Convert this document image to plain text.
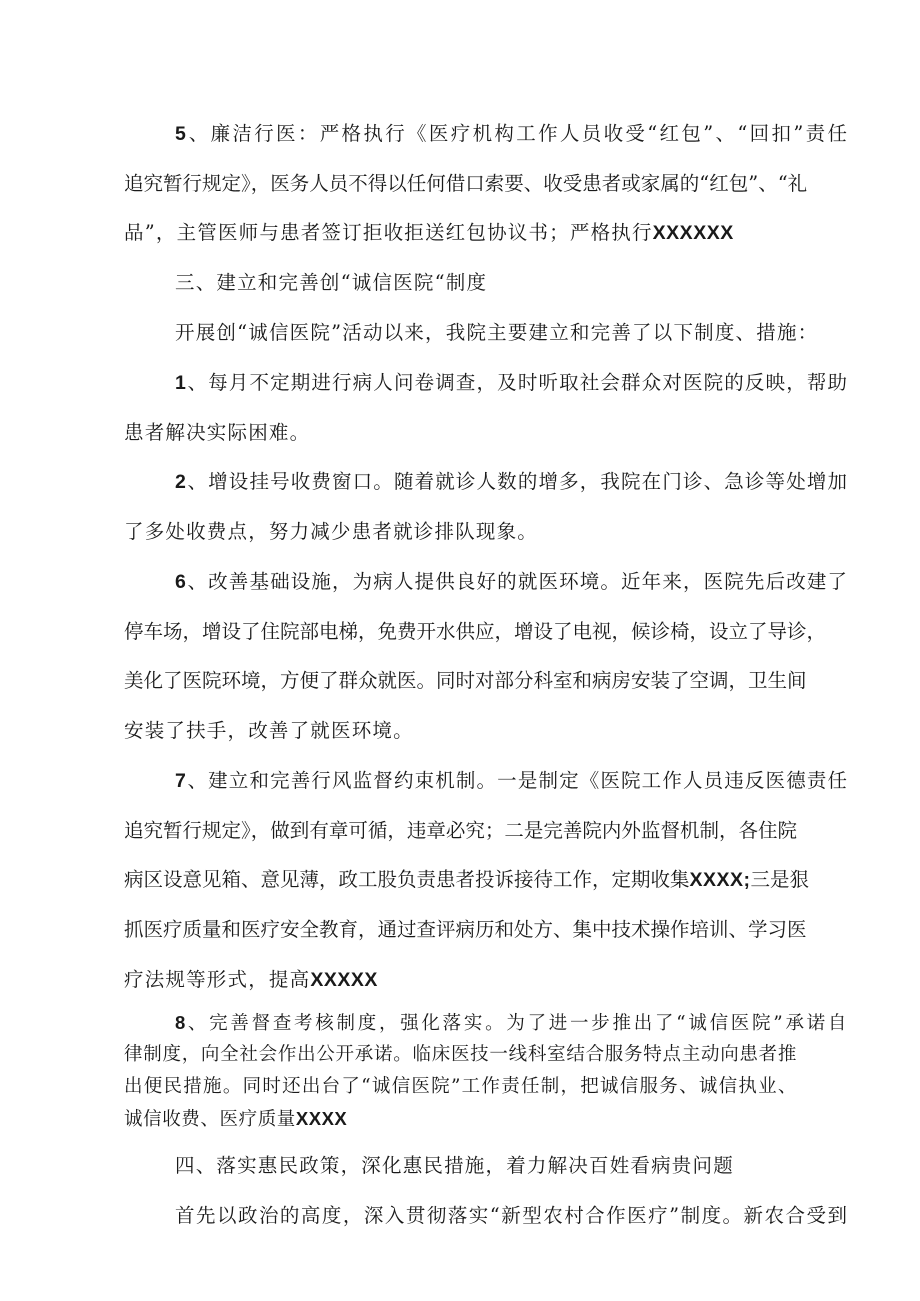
5、廉洁行医：严格执行《医疗机构工作人员收受“红包”、“回扣”责任
追究暂行规定》，医务人员不得以任何借口索要、收受患者或家属的“红包”、“礼
品”，主管医师与患者签订拒收拒送红包协议书；严格执行XXXXXX
三、建立和完善创“诚信医院“制度
开展创“诚信医院”活动以来，我院主要建立和完善了以下制度、措施：
1、每月不定期进行病人问卷调查，及时听取社会群众对医院的反映，帮助
患者解决实际困难。
2、增设挂号收费窗口。随着就诊人数的增多，我院在门诊、急诊等处增加
了多处收费点，努力减少患者就诊排队现象。
6、改善基础设施，为病人提供良好的就医环境。近年来，医院先后改建了
停车场，增设了住院部电梯，免费开水供应，增设了电视，候诊椅，设立了导诊，
美化了医院环境，方便了群众就医。同时对部分科室和病房安装了空调，卫生间
安装了扶手，改善了就医环境。
7、建立和完善行风监督约束机制。一是制定《医院工作人员违反医德责任
追究暂行规定》，做到有章可循，违章必究；二是完善院内外监督机制，各住院
病区设意见箱、意见薄，政工股负责患者投诉接待工作，定期收集XXXX;三是狠
抓医疗质量和医疗安全教育，通过查评病历和处方、集中技术操作培训、学习医
疗法规等形式，提高XXXXX
8、完善督查考核制度，强化落实。为了进一步推出了“诚信医院”承诺自
律制度，向全社会作出公开承诺。临床医技一线科室结合服务特点主动向患者推
出便民措施。同时还出台了“诚信医院”工作责任制，把诚信服务、诚信执业、
诚信收费、医疗质量XXXX
四、落实惠民政策，深化惠民措施，着力解决百姓看病贵问题
首先以政治的高度，深入贯彻落实“新型农村合作医疗”制度。新农合受到
